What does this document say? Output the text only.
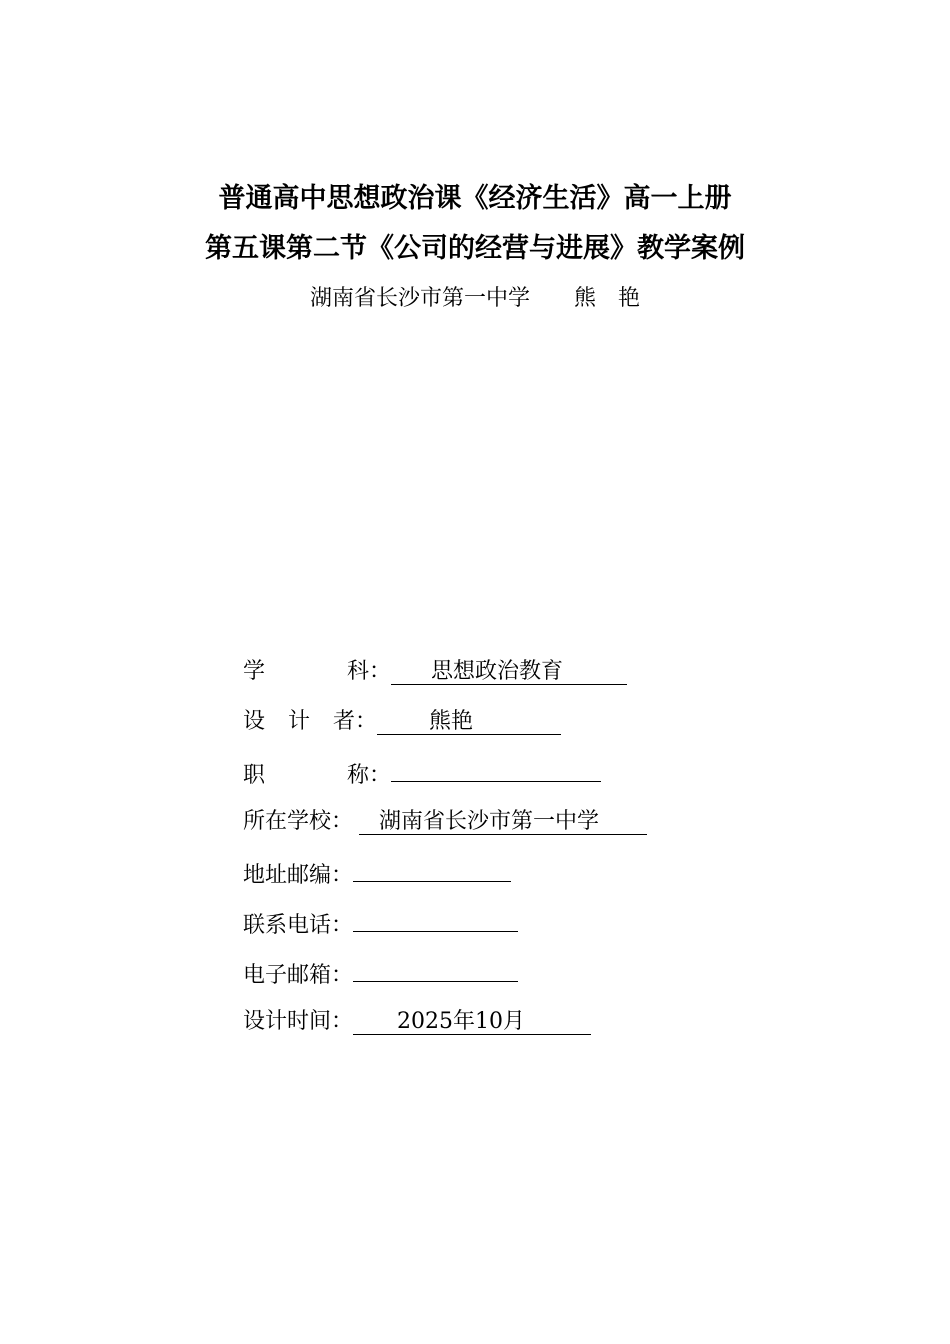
普通高中思想政治课《经济生活》高一上册
第五课第二节《公司的经营与进展》教学案例
湖南省长沙市第一中学 熊 艳
学	科 ：	思想政治教育
设 计 者 ：	熊艳
职	称 ：
所在学校：	湖南省长沙市第一中学
地址邮编：
联系电话：
电子邮箱：
设计时间：	2025年10月
